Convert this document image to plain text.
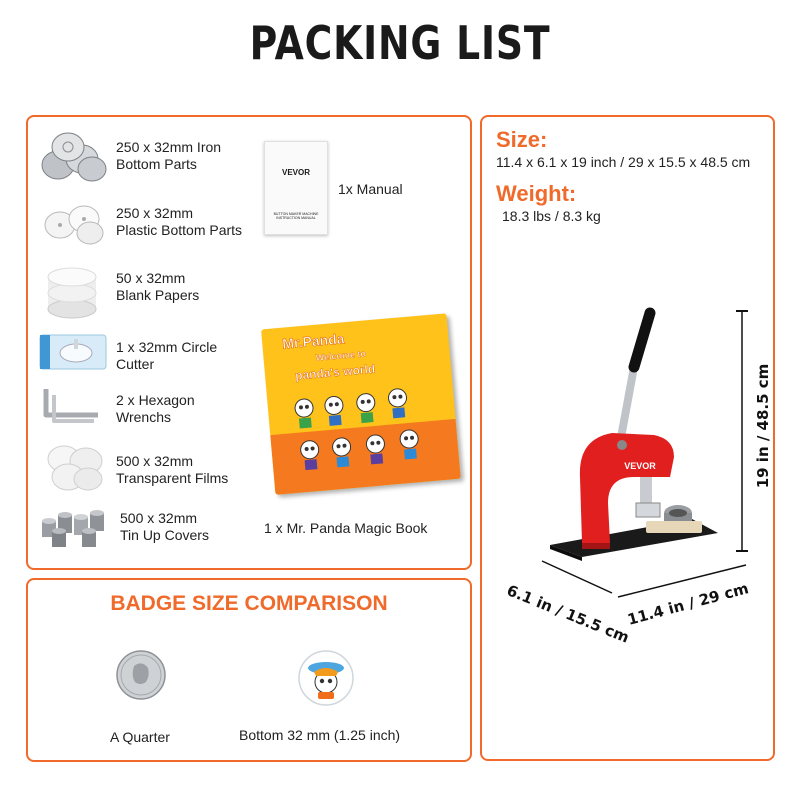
PACKING LIST
250 x 32mm Iron
Bottom Parts
250 x 32mm
Plastic Bottom Parts
50 x 32mm
Blank Papers
1 x 32mm Circle
Cutter
2 x Hexagon
Wrenchs
500 x 32mm
Transparent Films
500 x 32mm
Tin Up Covers
VEVOR
BUTTON MAKER MACHINE
INSTRUCTION MANUAL
1x Manual
Mr.Panda
Welcome to
panda's world
1 x Mr. Panda Magic Book
BADGE SIZE COMPARISON
A Quarter	Bottom 32 mm (1.25 inch)
Size:
11.4 x 6.1 x 19 inch / 29 x 15.5 x 48.5 cm
Weight:
18.3 lbs / 8.3 kg
VEVOR	19 in / 48.5 cm
6.1 in / 15.5 cm
11.4 in / 29 cm
